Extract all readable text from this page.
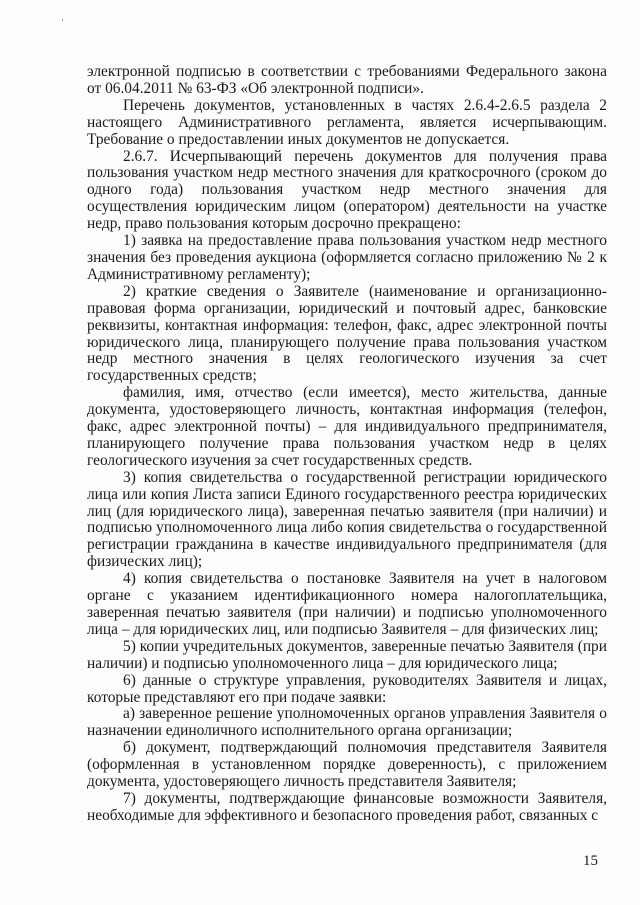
электронной подписью в соответствии с требованиями Федерального закона от 06.04.2011 № 63-ФЗ «Об электронной подписи».

Перечень документов, установленных в частях 2.6.4-2.6.5 раздела 2 настоящего Административного регламента, является исчерпывающим. Требование о предоставлении иных документов не допускается.

2.6.7. Исчерпывающий перечень документов для получения права пользования участком недр местного значения для краткосрочного (сроком до одного года) пользования участком недр местного значения для осуществления юридическим лицом (оператором) деятельности на участке недр, право пользования которым досрочно прекращено:

1) заявка на предоставление права пользования участком недр местного значения без проведения аукциона (оформляется согласно приложению № 2 к Административному регламенту);

2) краткие сведения о Заявителе (наименование и организационно-правовая форма организации, юридический и почтовый адрес, банковские реквизиты, контактная информация: телефон, факс, адрес электронной почты юридического лица, планирующего получение права пользования участком недр местного значения в целях геологического изучения за счет государственных средств;

фамилия, имя, отчество (если имеется), место жительства, данные документа, удостоверяющего личность, контактная информация (телефон, факс, адрес электронной почты) – для индивидуального предпринимателя, планирующего получение права пользования участком недр в целях геологического изучения за счет государственных средств.

3) копия свидетельства о государственной регистрации юридического лица или копия Листа записи Единого государственного реестра юридических лиц (для юридического лица), заверенная печатью заявителя (при наличии) и подписью уполномоченного лица либо копия свидетельства о государственной регистрации гражданина в качестве индивидуального предпринимателя (для физических лиц);

4) копия свидетельства о постановке Заявителя на учет в налоговом органе с указанием идентификационного номера налогоплательщика, заверенная печатью заявителя (при наличии) и подписью уполномоченного лица – для юридических лиц, или подписью Заявителя – для физических лиц;

5) копии учредительных документов, заверенные печатью Заявителя (при наличии) и подписью уполномоченного лица – для юридического лица;

6) данные о структуре управления, руководителях Заявителя и лицах, которые представляют его при подаче заявки:

а) заверенное решение уполномоченных органов управления Заявителя о назначении единоличного исполнительного органа организации;

б) документ, подтверждающий полномочия представителя Заявителя (оформленная в установленном порядке доверенность), с приложением документа, удостоверяющего личность представителя Заявителя;

7) документы, подтверждающие финансовые возможности Заявителя, необходимые для эффективного и безопасного проведения работ, связанных с

15
